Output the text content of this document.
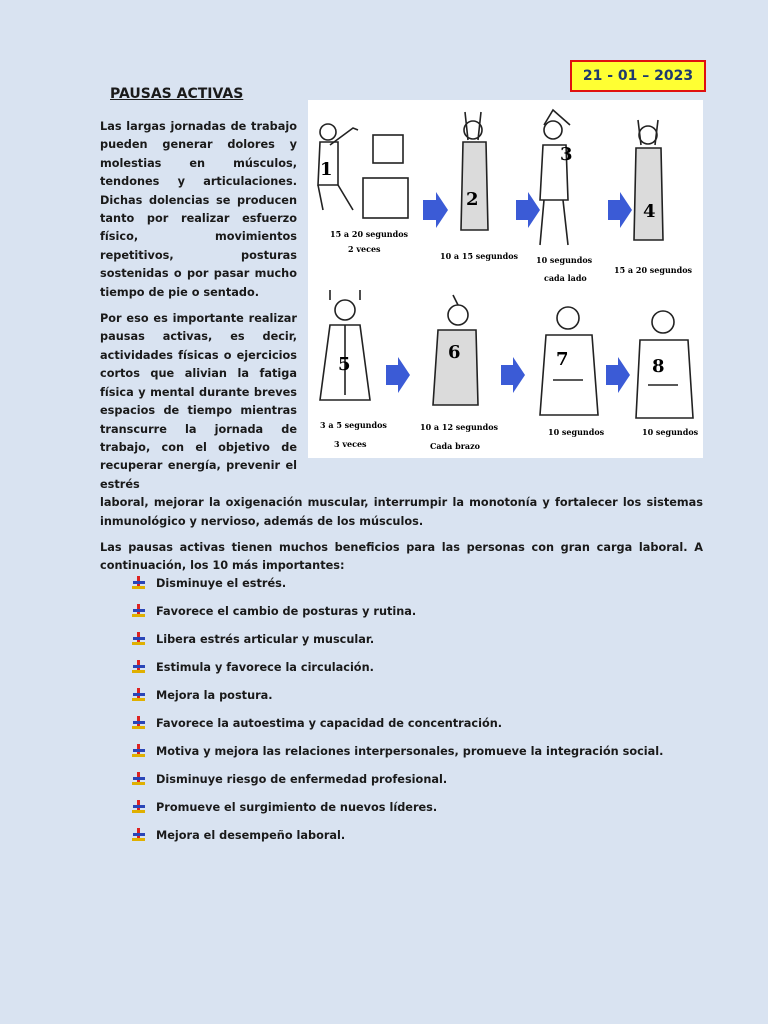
21 - 01 – 2023
PAUSAS ACTIVAS
1
15 a 20 segundos
2 veces
2
10 a 15 segundos
3
10 segundos
cada lado
4
15 a 20 segundos
5
3 a 5 segundos
3 veces
6
10 a 12 segundos
Cada brazo
7
10 segundos
8
10 segundos

Las largas jornadas de trabajo pueden generar dolores y molestias en músculos, tendones y articulaciones. Dichas dolencias se producen tanto por realizar esfuerzo físico, movimientos repetitivos, posturas sostenidas o por pasar mucho tiempo de pie o sentado.

Por eso es importante realizar pausas activas, es decir, actividades físicas o ejercicios cortos que alivian la fatiga física y mental durante breves espacios de tiempo mientras transcurre la jornada de trabajo, con el objetivo de recuperar energía, prevenir el estrés

laboral, mejorar la oxigenación muscular, interrumpir la monotonía y fortalecer los sistemas inmunológico y nervioso, además de los músculos.

Las pausas activas tienen muchos beneficios para las personas con gran carga laboral. A continuación, los 10 más importantes:

Disminuye el estrés.
Favorece el cambio de posturas y rutina.
Libera estrés articular y muscular.
Estimula y favorece la circulación.
Mejora la postura.
Favorece la autoestima y capacidad de concentración.
Motiva y mejora las relaciones interpersonales, promueve la integración social.
Disminuye riesgo de enfermedad profesional.
Promueve el surgimiento de nuevos líderes.
Mejora el desempeño laboral.
